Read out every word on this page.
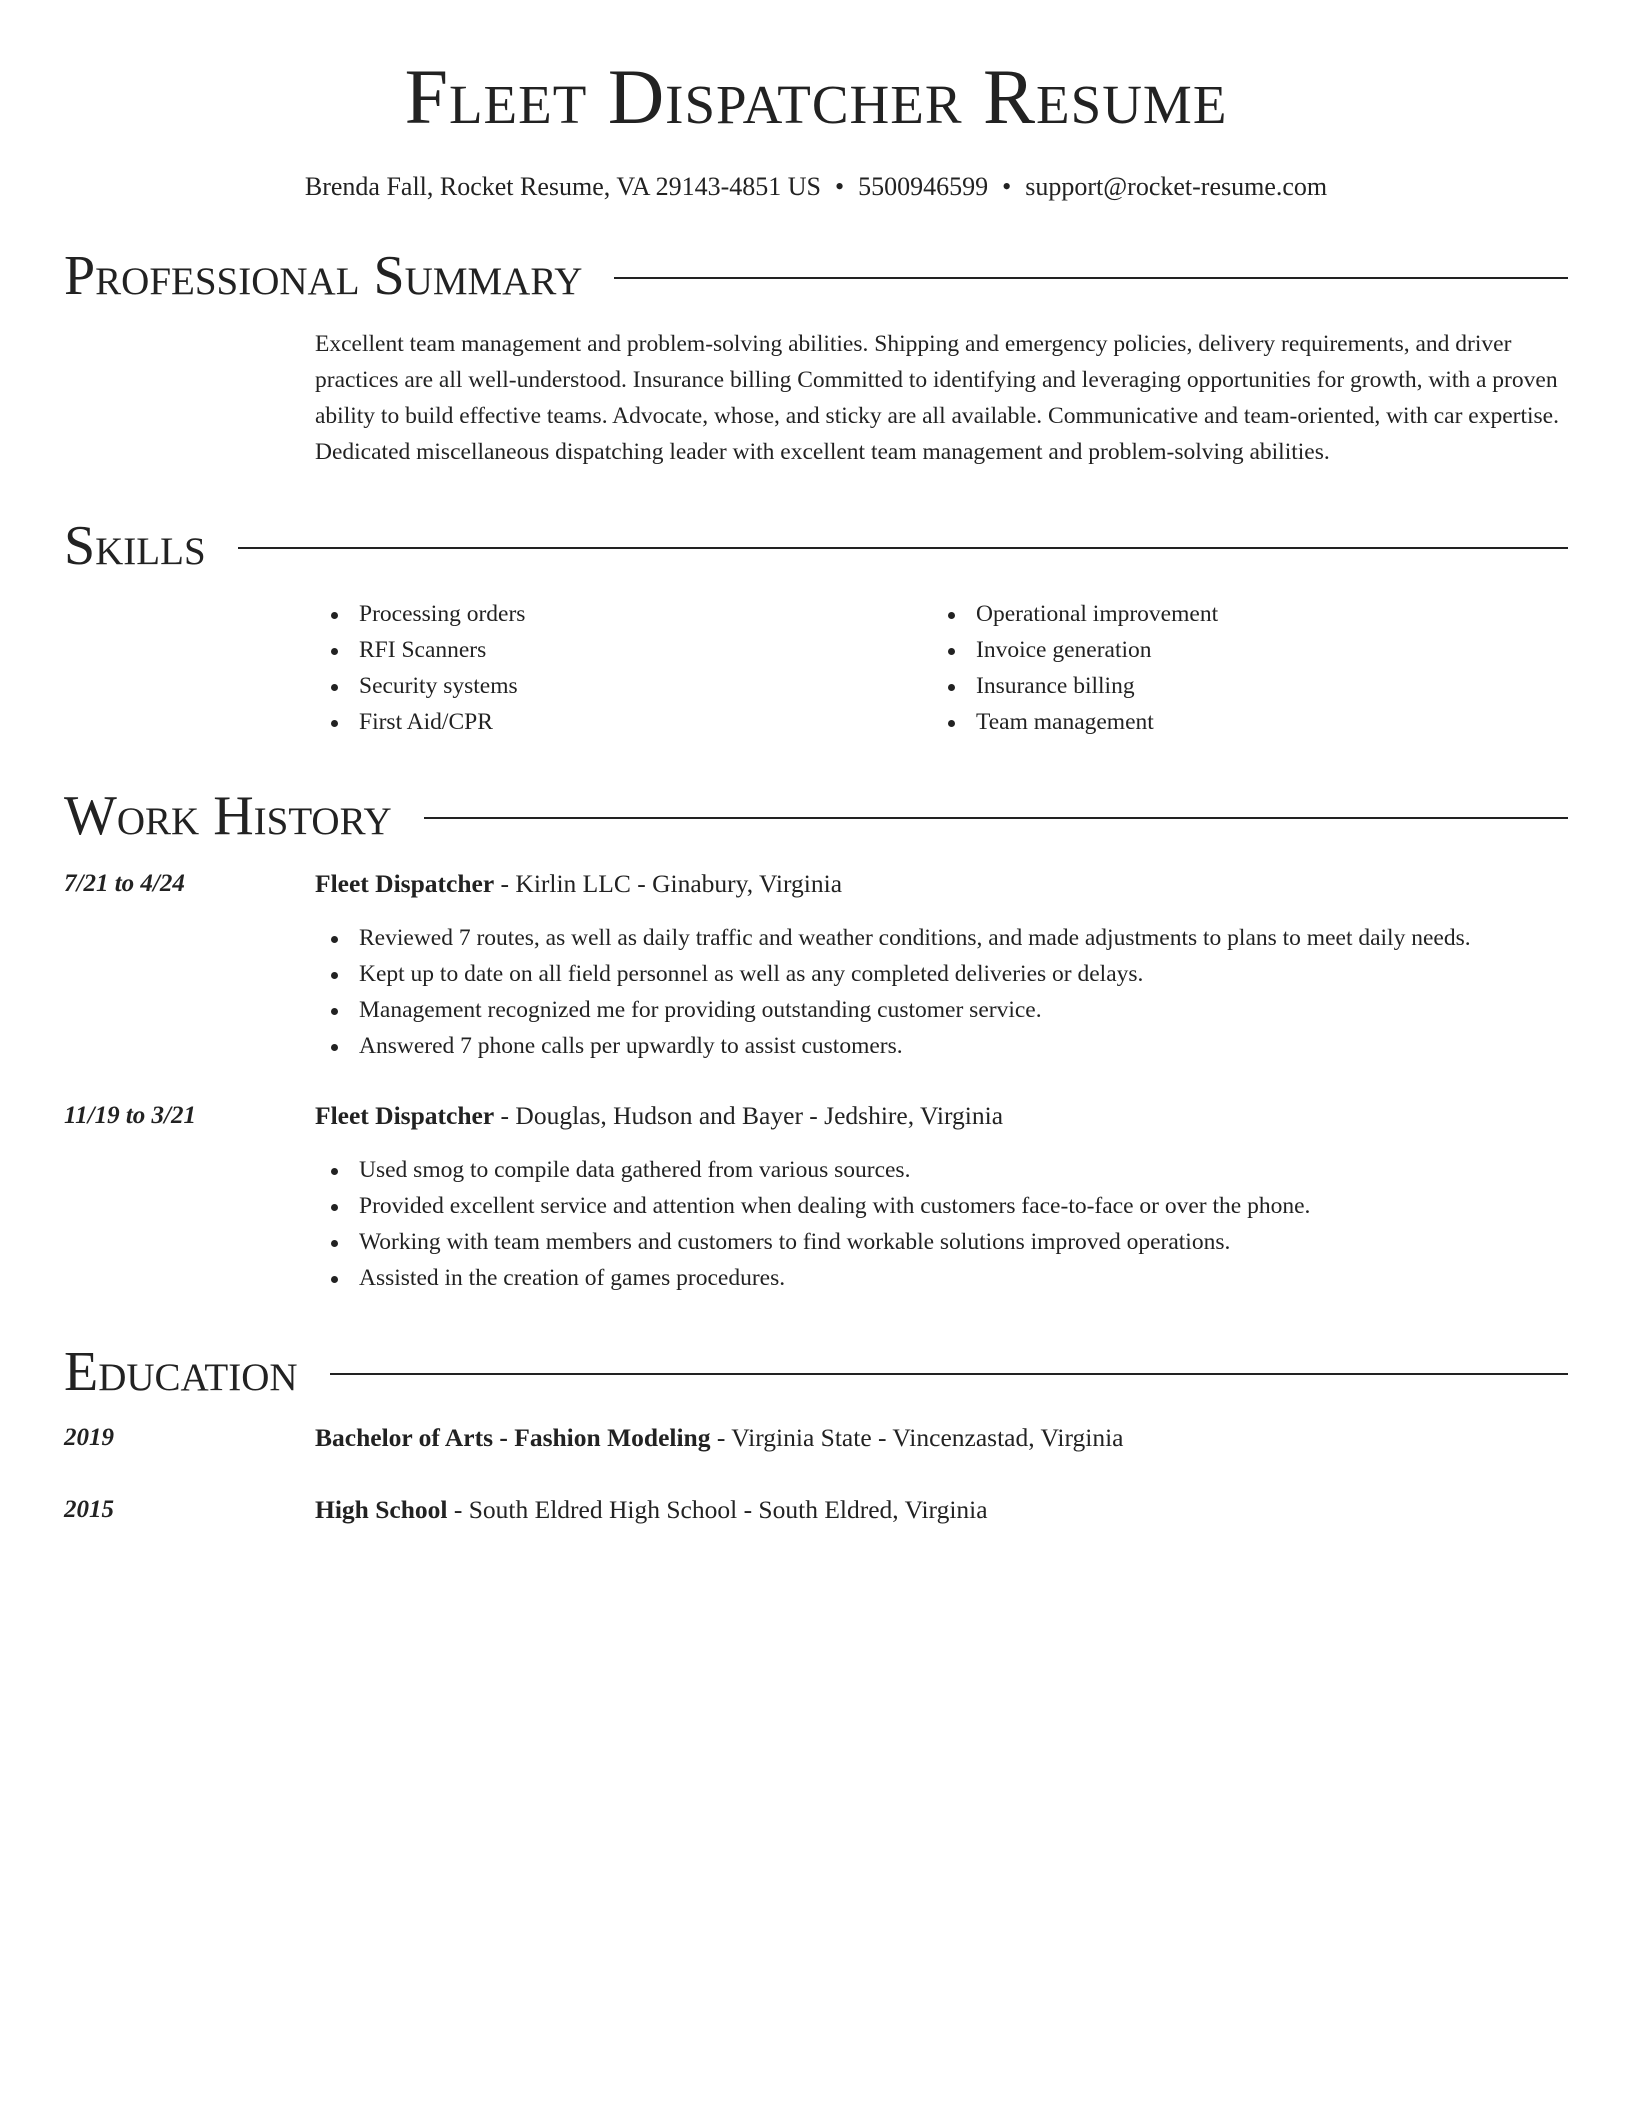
Fleet Dispatcher Resume
Brenda Fall, Rocket Resume, VA 29143-4851 US • 5500946599 • support@rocket-resume.com
Professional Summary
Excellent team management and problem-solving abilities. Shipping and emergency policies, delivery requirements, and driver practices are all well-understood. Insurance billing Committed to identifying and leveraging opportunities for growth, with a proven ability to build effective teams. Advocate, whose, and sticky are all available. Communicative and team-oriented, with car expertise. Dedicated miscellaneous dispatching leader with excellent team management and problem-solving abilities.
Skills
Processing orders
RFI Scanners
Security systems
First Aid/CPR
Operational improvement
Invoice generation
Insurance billing
Team management
Work History
7/21 to 4/24	Fleet Dispatcher - Kirlin LLC - Ginabury, Virginia
Reviewed 7 routes, as well as daily traffic and weather conditions, and made adjustments to plans to meet daily needs.
Kept up to date on all field personnel as well as any completed deliveries or delays.
Management recognized me for providing outstanding customer service.
Answered 7 phone calls per upwardly to assist customers.
11/19 to 3/21	Fleet Dispatcher - Douglas, Hudson and Bayer - Jedshire, Virginia
Used smog to compile data gathered from various sources.
Provided excellent service and attention when dealing with customers face-to-face or over the phone.
Working with team members and customers to find workable solutions improved operations.
Assisted in the creation of games procedures.
Education
2019	Bachelor of Arts - Fashion Modeling - Virginia State - Vincenzastad, Virginia
2015	High School - South Eldred High School - South Eldred, Virginia
